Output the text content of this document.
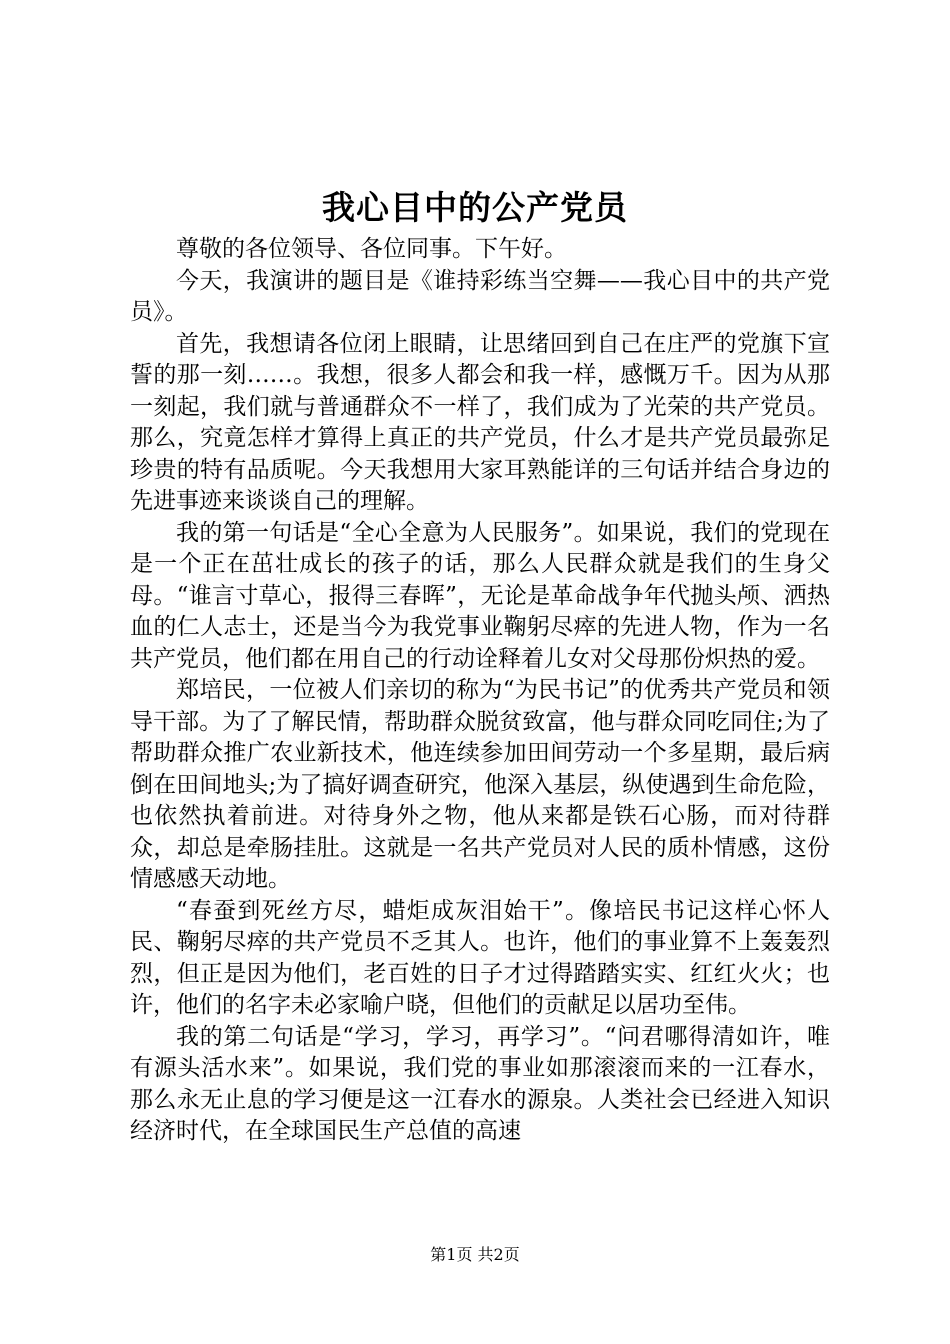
我心目中的公产党员

尊敬的各位领导、各位同事。下午好。

今天，我演讲的题目是《谁持彩练当空舞——我心目中的共产党员》。

首先，我想请各位闭上眼睛，让思绪回到自己在庄严的党旗下宣誓的那一刻……。我想，很多人都会和我一样，感慨万千。因为从那一刻起，我们就与普通群众不一样了，我们成为了光荣的共产党员。那么，究竟怎样才算得上真正的共产党员，什么才是共产党员最弥足珍贵的特有品质呢。今天我想用大家耳熟能详的三句话并结合身边的先进事迹来谈谈自己的理解。

我的第一句话是“全心全意为人民服务”。如果说，我们的党现在是一个正在茁壮成长的孩子的话，那么人民群众就是我们的生身父母。“谁言寸草心，报得三春晖”，无论是革命战争年代抛头颅、洒热血的仁人志士，还是当今为我党事业鞠躬尽瘁的先进人物，作为一名共产党员，他们都在用自己的行动诠释着儿女对父母那份炽热的爱。

郑培民，一位被人们亲切的称为“为民书记”的优秀共产党员和领导干部。为了了解民情，帮助群众脱贫致富，他与群众同吃同住;为了帮助群众推广农业新技术，他连续参加田间劳动一个多星期，最后病倒在田间地头;为了搞好调查研究，他深入基层，纵使遇到生命危险，也依然执着前进。对待身外之物，他从来都是铁石心肠，而对待群众，却总是牵肠挂肚。这就是一名共产党员对人民的质朴情感，这份情感感天动地。

“春蚕到死丝方尽，蜡炬成灰泪始干”。像培民书记这样心怀人民、鞠躬尽瘁的共产党员不乏其人。也许，他们的事业算不上轰轰烈烈，但正是因为他们，老百姓的日子才过得踏踏实实、红红火火；也许，他们的名字未必家喻户晓，但他们的贡献足以居功至伟。

我的第二句话是“学习，学习，再学习”。“问君哪得清如许，唯有源头活水来”。如果说，我们党的事业如那滚滚而来的一江春水，那么永无止息的学习便是这一江春水的源泉。人类社会已经进入知识经济时代，在全球国民生产总值的高速

第1页 共2页
